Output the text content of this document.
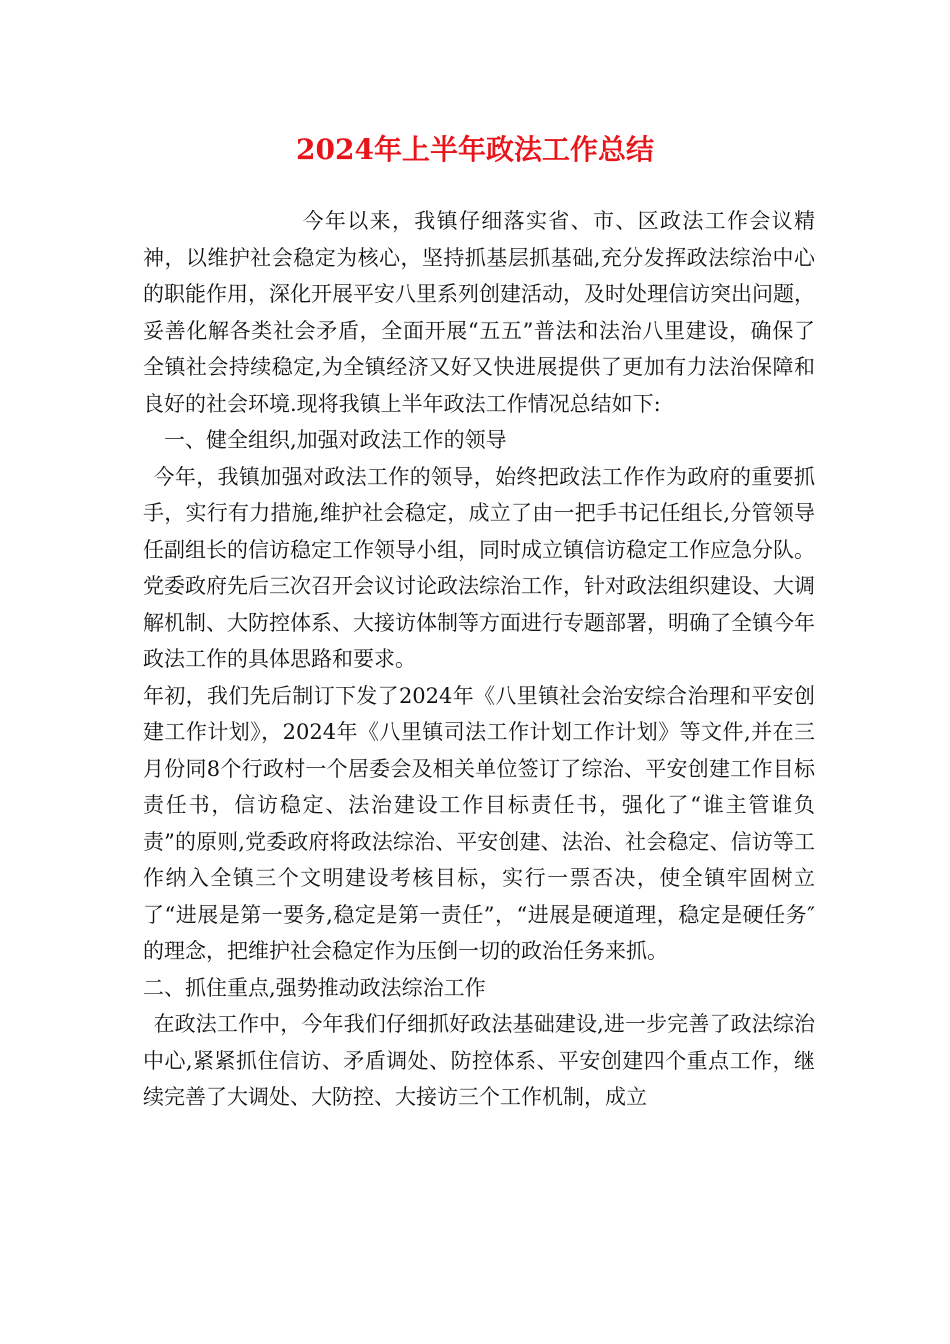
2024年上半年政法工作总结

今年以来，我镇仔细落实省、市、区政法工作会议精神，以维护社会稳定为核心，坚持抓基层抓基础,充分发挥政法综治中心的职能作用，深化开展平安八里系列创建活动，及时处理信访突出问题，妥善化解各类社会矛盾，全面开展“五五”普法和法治八里建设，确保了全镇社会持续稳定,为全镇经济又好又快进展提供了更加有力法治保障和良好的社会环境.现将我镇上半年政法工作情况总结如下:

一、健全组织,加强对政法工作的领导

今年，我镇加强对政法工作的领导，始终把政法工作作为政府的重要抓手，实行有力措施,维护社会稳定，成立了由一把手书记任组长,分管领导任副组长的信访稳定工作领导小组，同时成立镇信访稳定工作应急分队。党委政府先后三次召开会议讨论政法综治工作，针对政法组织建设、大调解机制、大防控体系、大接访体制等方面进行专题部署，明确了全镇今年政法工作的具体思路和要求。

年初，我们先后制订下发了2024年《八里镇社会治安综合治理和平安创建工作计划》，2024年《八里镇司法工作计划工作计划》等文件,并在三月份同8个行政村一个居委会及相关单位签订了综治、平安创建工作目标责任书，信访稳定、法治建设工作目标责任书，强化了“谁主管谁负责”的原则,党委政府将政法综治、平安创建、法治、社会稳定、信访等工作纳入全镇三个文明建设考核目标，实行一票否决，使全镇牢固树立了“进展是第一要务,稳定是第一责任”，“进展是硬道理，稳定是硬任务″的理念，把维护社会稳定作为压倒一切的政治任务来抓。

二、抓住重点,强势推动政法综治工作

在政法工作中，今年我们仔细抓好政法基础建设,进一步完善了政法综治中心,紧紧抓住信访、矛盾调处、防控体系、平安创建四个重点工作，继续完善了大调处、大防控、大接访三个工作机制，成立
